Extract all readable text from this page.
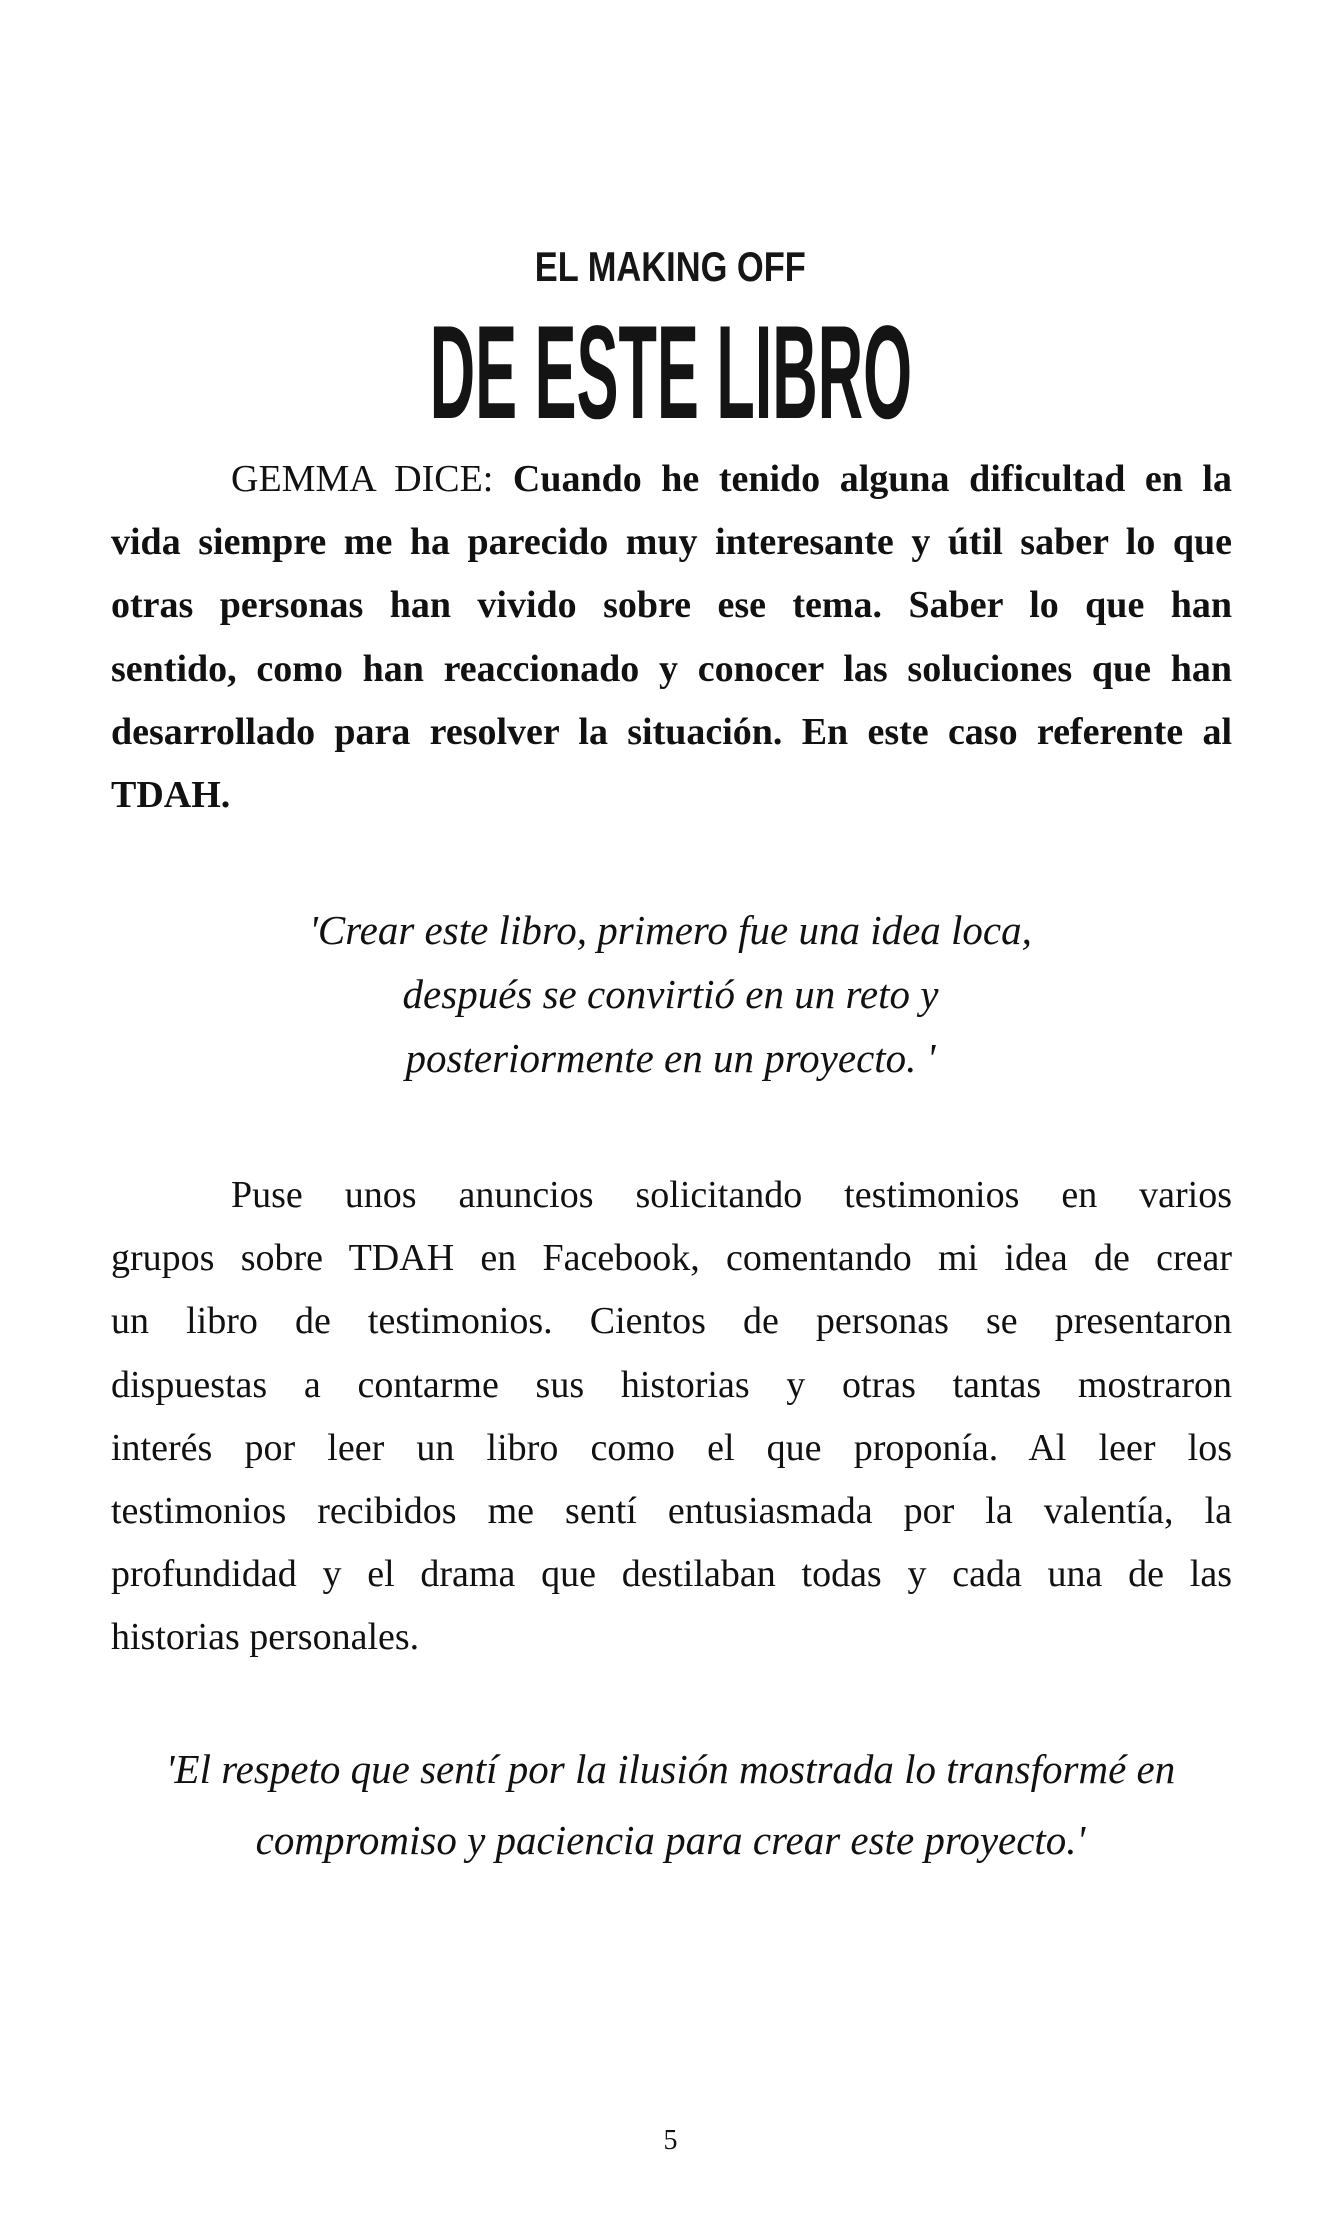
EL MAKING OFF
DE ESTE LIBRO
GEMMA DICE: Cuando he tenido alguna dificultad en la
vida siempre me ha parecido muy interesante y útil saber lo que
otras personas han vivido sobre ese tema. Saber lo que han
sentido, como han reaccionado y conocer las soluciones que han
desarrollado para resolver la situación. En este caso referente al
TDAH.
'Crear este libro, primero fue una idea loca,
después se convirtió en un reto y
posteriormente en un proyecto. '
Puse unos anuncios solicitando testimonios en varios
grupos sobre TDAH en Facebook, comentando mi idea de crear
un libro de testimonios. Cientos de personas se presentaron
dispuestas a contarme sus historias y otras tantas mostraron
interés por leer un libro como el que proponía. Al leer los
testimonios recibidos me sentí entusiasmada por la valentía, la
profundidad y el drama que destilaban todas y cada una de las
historias personales.
'El respeto que sentí por la ilusión mostrada lo transformé en
compromiso y paciencia para crear este proyecto.'
5
